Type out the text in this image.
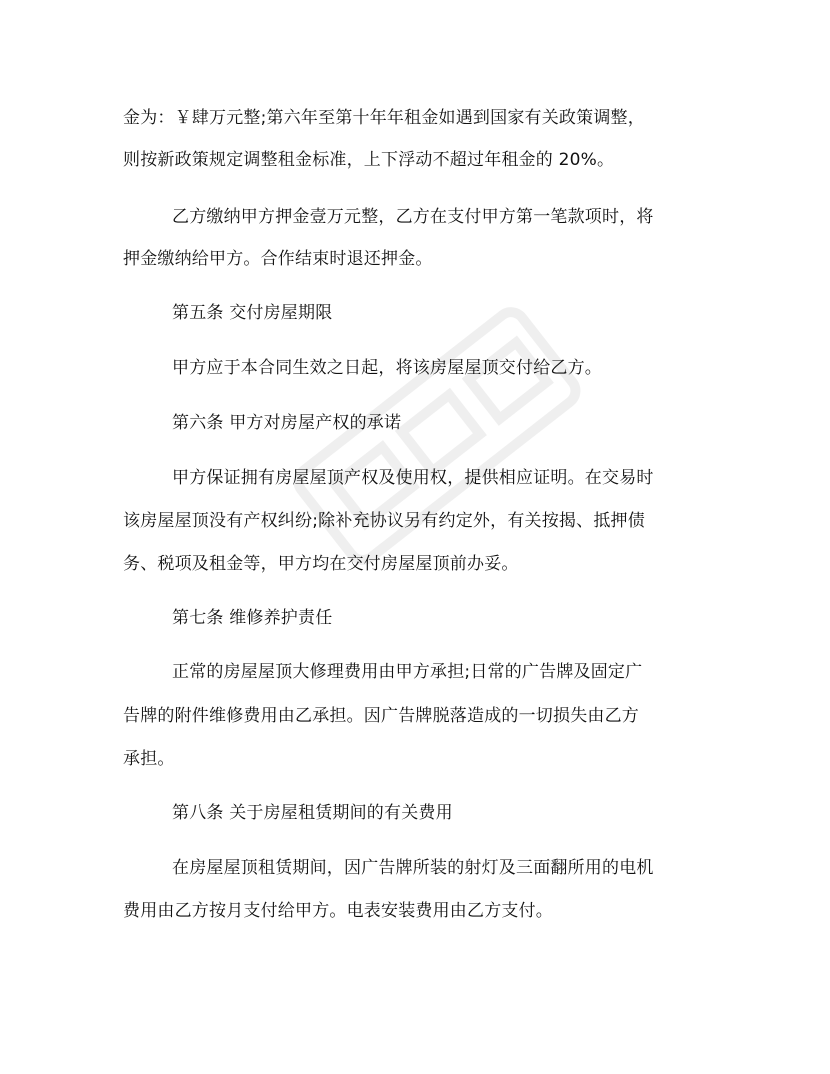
金为：￥肆万元整;第六年至第十年年租金如遇到国家有关政策调整，
则按新政策规定调整租金标准，上下浮动不超过年租金的 20%。
乙方缴纳甲方押金壹万元整，乙方在支付甲方第一笔款项时，将
押金缴纳给甲方。合作结束时退还押金。
第五条 交付房屋期限
甲方应于本合同生效之日起，将该房屋屋顶交付给乙方。
第六条 甲方对房屋产权的承诺
甲方保证拥有房屋屋顶产权及使用权，提供相应证明。在交易时
该房屋屋顶没有产权纠纷;除补充协议另有约定外，有关按揭、抵押债
务、税项及租金等，甲方均在交付房屋屋顶前办妥。
第七条 维修养护责任
正常的房屋屋顶大修理费用由甲方承担;日常的广告牌及固定广
告牌的附件维修费用由乙承担。因广告牌脱落造成的一切损失由乙方
承担。
第八条 关于房屋租赁期间的有关费用
在房屋屋顶租赁期间，因广告牌所装的射灯及三面翻所用的电机
费用由乙方按月支付给甲方。电表安装费用由乙方支付。
